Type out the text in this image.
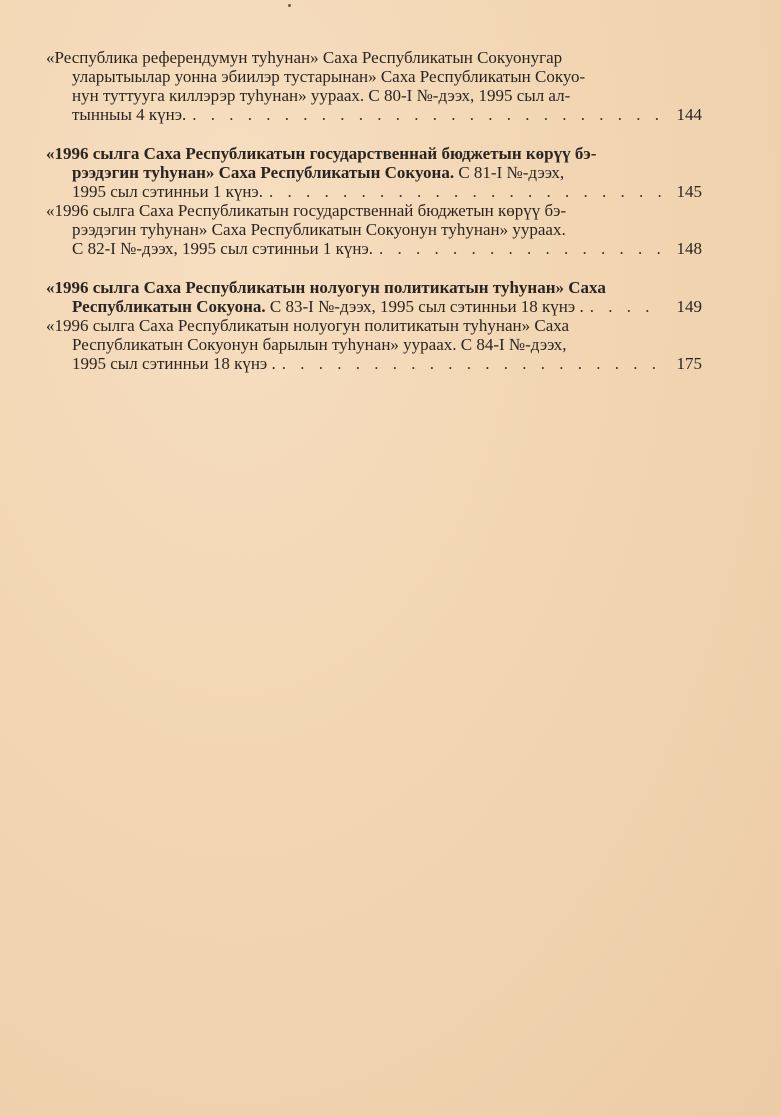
«Республика референдумун туhунан» Саха Республикатын Сокуонугар
уларытыылар уонна эбиилэр тустарынан» Саха Республикатын Сокуо-
нун туттууга киллэрэр туhунан» уураах. С 80-I №-дээх, 1995 сыл ал-
тынныы 4 күнэ. . . .	144
«1996 сылга Саха Республикатын государственнай бюджетын көрүү бэ-
рээдэгин туhунан» Саха Республикатын Сокуона. С 81-I №-дээх,
1995 сыл сэтинньи 1 күнэ. . . .	145
«1996 сылга Саха Республикатын государственнай бюджетын көрүү бэ-
рээдэгин туhунан» Саха Республикатын Сокуонун туhунан» уураах.
С 82-I №-дээх, 1995 сыл сэтинньи 1 күнэ. . . .	148
«1996 сылга Саха Республикатын нолуогун политикатын туhунан» Саха
Республикатын Сокуона. С 83-I №-дээх, 1995 сыл сэтинньи 18 күнэ . . . .	149
«1996 сылга Саха Республикатын нолуогун политикатын туhунан» Саха
Республикатын Сокуонун барылын туhунан» уураах. С 84-I №-дээх,
1995 сыл сэтинньи 18 күнэ . . . .	175
